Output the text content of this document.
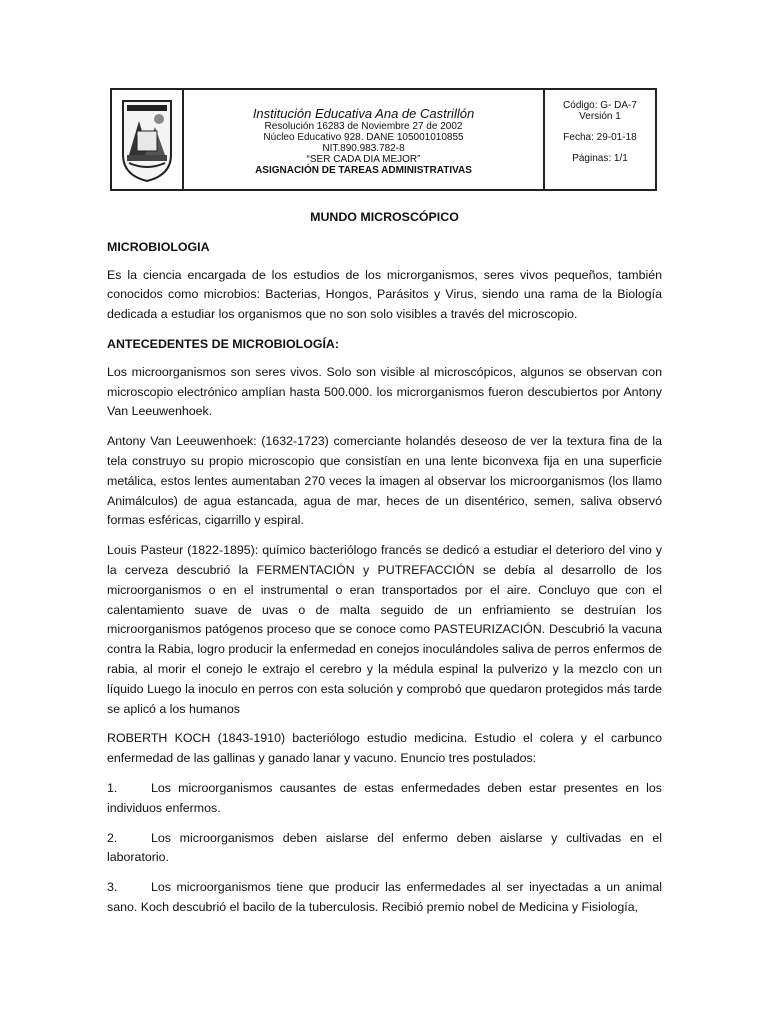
Institución Educativa Ana de Castrillón
Resolución 16283 de Noviembre 27 de 2002
Núcleo Educativo 928. DANE 105001010855
NIT.890.983.782-8
“SER CADA DIA MEJOR”
ASIGNACIÓN DE TAREAS ADMINISTRATIVAS
Código: G- DA-7
Versión 1
Fecha: 29-01-18
Páginas: 1/1
MUNDO MICROSCÓPICO
MICROBIOLOGIA

Es la ciencia encargada de los estudios de los microrganismos, seres vivos pequeños, también conocidos como microbios: Bacterias, Hongos, Parásitos y Virus, siendo una rama de la Biología dedicada a estudiar los organismos que no son solo visibles a través del microscopio.

ANTECEDENTES DE MICROBIOLOGÍA:

Los microorganismos son seres vivos. Solo son visible al microscópicos, algunos se observan con microscopio electrónico amplían hasta 500.000. los microrganismos fueron descubiertos por Antony Van Leeuwenhoek.

Antony Van Leeuwenhoek: (1632-1723) comerciante holandés deseoso de ver la textura fina de la tela construyo su propio microscopio que consistían en una lente biconvexa fija en una superficie metálica, estos lentes aumentaban 270 veces la imagen al observar los microorganismos (los llamo Animálculos) de agua estancada, agua de mar, heces de un disentérico, semen, saliva observó formas esféricas, cigarrillo y espiral.

Louis Pasteur (1822-1895): químico bacteriólogo francés se dedicó a estudiar el deterioro del vino y la cerveza descubrió la FERMENTACIÓN y PUTREFACCIÓN se debía al desarrollo de los microorganismos o en el instrumental o eran transportados por el aire. Concluyo que con el calentamiento suave de uvas o de malta seguido de un enfriamiento se destruían los microorganismos patógenos proceso que se conoce como PASTEURIZACIÓN. Descubrió la vacuna contra la Rabia, logro producir la enfermedad en conejos inoculándoles saliva de perros enfermos de rabia, al morir el conejo le extrajo el cerebro y la médula espinal la pulverizo y la mezclo con un líquido Luego la inoculo en perros con esta solución y comprobó que quedaron protegidos más tarde se aplicó a los humanos

ROBERTH KOCH (1843-1910) bacteriólogo estudio medicina. Estudio el colera y el carbunco enfermedad de las gallinas y ganado lanar y vacuno. Enuncio tres postulados:

1.	Los microorganismos causantes de estas enfermedades deben estar presentes en los individuos enfermos.
2.	Los microorganismos deben aislarse del enfermo deben aislarse y cultivadas en el laboratorio.
3.	Los microorganismos tiene que producir las enfermedades al ser inyectadas a un animal sano. Koch descubrió el bacilo de la tuberculosis. Recibió premio nobel de Medicina y Fisiología,
